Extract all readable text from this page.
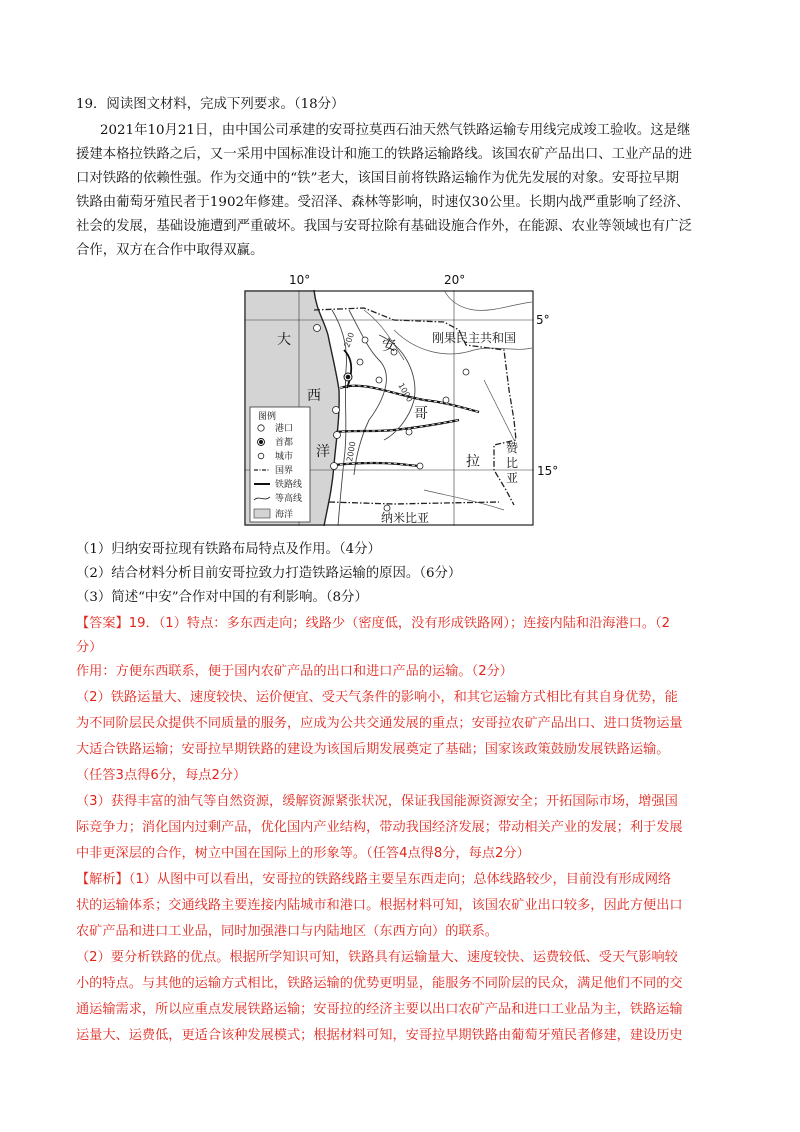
19．阅读图文材料，完成下列要求。（18分）
2021年10月21日，由中国公司承建的安哥拉莫西石油天然气铁路运输专用线完成竣工验收。这是继
援建本格拉铁路之后，又一采用中国标准设计和施工的铁路运输路线。该国农矿产品出口、工业产品的进
口对铁路的依赖性强。作为交通中的“铁”老大，该国目前将铁路运输作为优先发展的对象。安哥拉早期
铁路由葡萄牙殖民者于1902年修建。受沼泽、森林等影响，时速仅30公里。长期内战严重影响了经济、
社会的发展，基础设施遭到严重破坏。我国与安哥拉除有基础设施合作外，在能源、农业等领域也有广泛
合作，双方在合作中取得双赢。
10°	20°
5°
大
西
洋
安
哥
拉
刚果民主共和国
赞
比
亚
纳米比亚
200
1000
2000
图例
港口
首都
城市
国界
铁路线
等高线
海洋
15°
（1）归纳安哥拉现有铁路布局特点及作用。（4分）
（2）结合材料分析目前安哥拉致力打造铁路运输的原因。（6分）
（3）简述“中安”合作对中国的有利影响。（8分）
【答案】19．（1）特点：多东西走向；线路少（密度低，没有形成铁路网）；连接内陆和沿海港口。（2
分）
作用：方便东西联系，便于国内农矿产品的出口和进口产品的运输。（2分）
（2）铁路运量大、速度较快、运价便宜、受天气条件的影响小，和其它运输方式相比有其自身优势，能
为不同阶层民众提供不同质量的服务，应成为公共交通发展的重点；安哥拉农矿产品出口、进口货物运量
大适合铁路运输；安哥拉早期铁路的建设为该国后期发展奠定了基础；国家该政策鼓励发展铁路运输。
（任答3点得6分，每点2分）
（3）获得丰富的油气等自然资源，缓解资源紧张状况，保证我国能源资源安全；开拓国际市场，增强国
际竞争力；消化国内过剩产品，优化国内产业结构，带动我国经济发展；带动相关产业的发展；利于发展
中非更深层的合作，树立中国在国际上的形象等。（任答4点得8分，每点2分）
【解析】（1）从图中可以看出，安哥拉的铁路线路主要呈东西走向；总体线路较少，目前没有形成网络
状的运输体系；交通线路主要连接内陆城市和港口。根据材料可知，该国农矿业出口较多，因此方便出口
农矿产品和进口工业品，同时加强港口与内陆地区（东西方向）的联系。
（2）要分析铁路的优点。根据所学知识可知，铁路具有运输量大、速度较快、运费较低、受天气影响较
小的特点。与其他的运输方式相比，铁路运输的优势更明显，能服务不同阶层的民众，满足他们不同的交
通运输需求，所以应重点发展铁路运输；安哥拉的经济主要以出口农矿产品和进口工业品为主，铁路运输
运量大、运费低，更适合该种发展模式；根据材料可知，安哥拉早期铁路由葡萄牙殖民者修建，建设历史
